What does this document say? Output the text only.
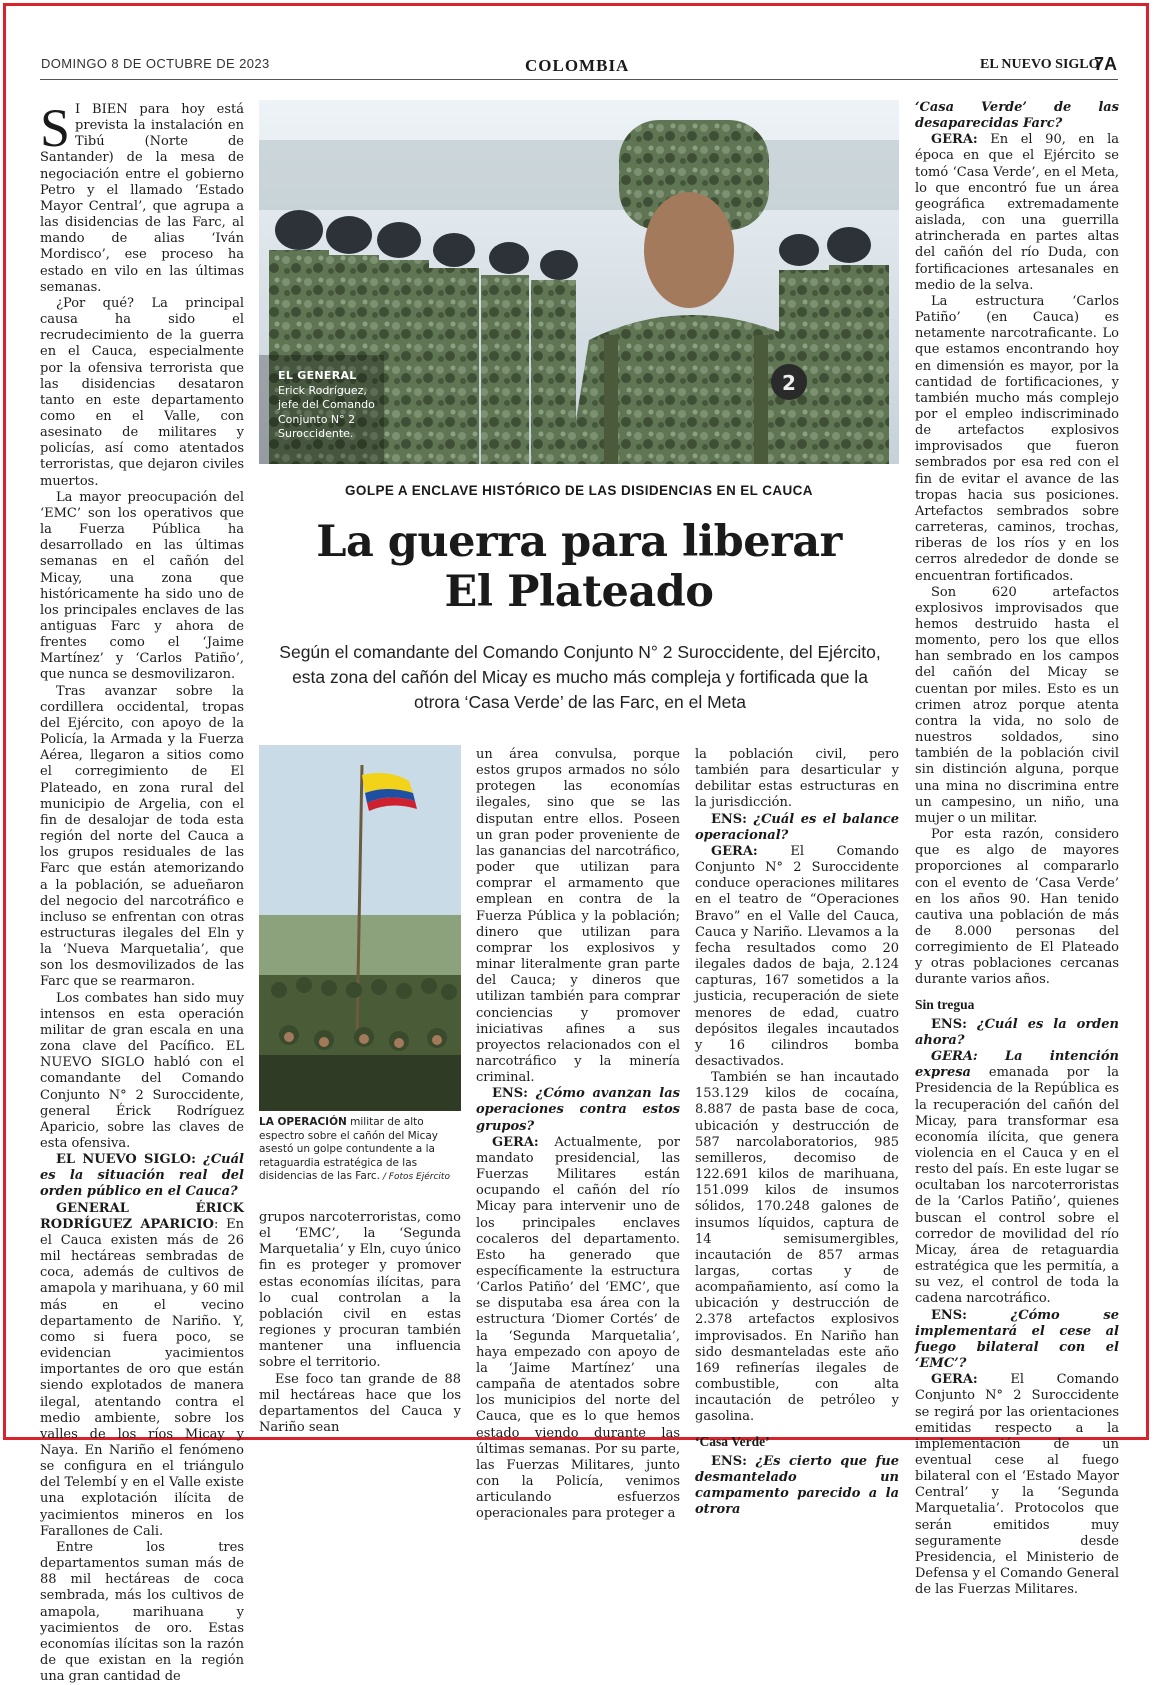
DOMINGO 8 DE OCTUBRE DE 2023	COLOMBIA	EL NUEVO SIGLO
7A

S I BIEN para hoy está prevista la instalación en Tibú (Norte de Santander) de la mesa de negociación entre el gobierno Petro y el llamado ‘Estado Mayor Central’, que agrupa a las disidencias de las Farc, al mando de alias ‘Iván Mordisco’, ese proceso ha estado en vilo en las últimas semanas.

¿Por qué? La principal causa ha sido el recrudecimiento de la guerra en el Cauca, especialmente por la ofensiva terrorista que las disidencias desataron tanto en este departamento como en el Valle, con asesinato de militares y policías, así como atentados terroristas, que dejaron civiles muertos.

La mayor preocupación del ‘EMC’ son los operativos que la Fuerza Pública ha desarrollado en las últimas semanas en el cañón del Micay, una zona que históricamente ha sido uno de los principales enclaves de las antiguas Farc y ahora de frentes como el ‘Jaime Martínez’ y ‘Carlos Patiño’, que nunca se desmovilizaron.

Tras avanzar sobre la cordillera occidental, tropas del Ejército, con apoyo de la Policía, la Armada y la Fuerza Aérea, llegaron a sitios como el corregimiento de El Plateado, en zona rural del municipio de Argelia, con el fin de desalojar de toda esta región del norte del Cauca a los grupos residuales de las Farc que están atemorizando a la población, se adueñaron del negocio del narcotráfico e incluso se enfrentan con otras estructuras ilegales del Eln y la ‘Nueva Marquetalia’, que son los desmovilizados de las Farc que se rearmaron.

Los combates han sido muy intensos en esta operación militar de gran escala en una zona clave del Pacífico. EL NUEVO SIGLO habló con el comandante del Comando Conjunto N° 2 Suroccidente, general Érick Rodríguez Aparicio, sobre las claves de esta ofensiva.

EL NUEVO SIGLO: ¿Cuál es la situación real del orden público en el Cauca?

GENERAL ÉRICK RODRÍGUEZ APARICIO: En el Cauca existen más de 26 mil hectáreas sembradas de coca, además de cultivos de amapola y marihuana, y 60 mil más en el vecino departamento de Nariño. Y, como si fuera poco, se evidencian yacimientos importantes de oro que están siendo explotados de manera ilegal, atentando contra el medio ambiente, sobre los valles de los ríos Micay y Naya. En Nariño el fenómeno se configura en el triángulo del Telembí y en el Valle existe una explotación ilícita de yacimientos mineros en los Farallones de Cali.

Entre los tres departamentos suman más de 88 mil hectáreas de coca sembrada, más los cultivos de amapola, marihuana y yacimientos de oro. Estas economías ilícitas son la razón de que existan en la región una gran cantidad de

2
EL GENERAL
Erick Rodríguez, jefe del Comando Conjunto N° 2 Suroccidente.
GOLPE A ENCLAVE HISTÓRICO DE LAS DISIDENCIAS EN EL CAUCA
La guerra para liberar
El Plateado
Según el comandante del Comando Conjunto N° 2 Suroccidente, del Ejército, esta zona del cañón del Micay es mucho más compleja y fortificada que la otrora ‘Casa Verde’ de las Farc, en el Meta
LA OPERACIÓN militar de alto espectro sobre el cañón del Micay asestó un golpe contundente a la retaguardia estratégica de las disidencias de las Farc. / Fotos Ejército

grupos narcoterroristas, como el ‘EMC’, la ‘Segunda Marquetalia’ y Eln, cuyo único fin es proteger y promover estas economías ilícitas, para lo cual controlan a la población civil en estas regiones y procuran también mantener una influencia sobre el territorio.

Ese foco tan grande de 88 mil hectáreas hace que los departamentos del Cauca y Nariño sean

un área convulsa, porque estos grupos armados no sólo protegen las economías ilegales, sino que se las disputan entre ellos. Poseen un gran poder proveniente de las ganancias del narcotráfico, poder que utilizan para comprar el armamento que emplean en contra de la Fuerza Pública y la población; dinero que utilizan para comprar los explosivos y minar literalmente gran parte del Cauca; y dineros que utilizan también para comprar conciencias y promover iniciativas afines a sus proyectos relacionados con el narcotráfico y la minería criminal.

ENS: ¿Cómo avanzan las operaciones contra estos grupos?

GERA: Actualmente, por mandato presidencial, las Fuerzas Militares están ocupando el cañón del río Micay para intervenir uno de los principales enclaves cocaleros del departamento. Esto ha generado que específicamente la estructura ‘Carlos Patiño’ del ‘EMC’, que se disputaba esa área con la estructura ‘Diomer Cortés’ de la ‘Segunda Marquetalia’, haya empezado con apoyo de la ‘Jaime Martínez’ una campaña de atentados sobre los municipios del norte del Cauca, que es lo que hemos estado viendo durante las últimas semanas. Por su parte, las Fuerzas Militares, junto con la Policía, venimos articulando esfuerzos operacionales para proteger a

la población civil, pero también para desarticular y debilitar estas estructuras en la jurisdicción.

ENS: ¿Cuál es el balance operacional?

GERA: El Comando Conjunto N° 2 Suroccidente conduce operaciones militares en el teatro de “Operaciones Bravo” en el Valle del Cauca, Cauca y Nariño. Llevamos a la fecha resultados como 20 ilegales dados de baja, 2.124 capturas, 167 sometidos a la justicia, recuperación de siete menores de edad, cuatro depósitos ilegales incautados y 16 cilindros bomba desactivados.

También se han incautado 153.129 kilos de cocaína, 8.887 de pasta base de coca, ubicación y destrucción de 587 narcolaboratorios, 985 semilleros, decomiso de 122.691 kilos de marihuana, 151.099 kilos de insumos sólidos, 170.248 galones de insumos líquidos, captura de 14 semisumergibles, incautación de 857 armas largas, cortas y de acompañamiento, así como la ubicación y destrucción de 2.378 artefactos explosivos improvisados. En Nariño han sido desmanteladas este año 169 refinerías ilegales de combustible, con alta incautación de petróleo y gasolina.

‘Casa Verde’

ENS: ¿Es cierto que fue desmantelado un campamento parecido a la otrora

‘Casa Verde’ de las desaparecidas Farc?

GERA: En el 90, en la época en que el Ejército se tomó ‘Casa Verde’, en el Meta, lo que encontró fue un área geográfica extremadamente aislada, con una guerrilla atrincherada en partes altas del cañón del río Duda, con fortificaciones artesanales en medio de la selva.

La estructura ‘Carlos Patiño’ (en Cauca) es netamente narcotraficante. Lo que estamos encontrando hoy en dimensión es mayor, por la cantidad de fortificaciones, y también mucho más complejo por el empleo indiscriminado de artefactos explosivos improvisados que fueron sembrados por esa red con el fin de evitar el avance de las tropas hacia sus posiciones. Artefactos sembrados sobre carreteras, caminos, trochas, riberas de los ríos y en los cerros alrededor de donde se encuentran fortificados.

Son 620 artefactos explosivos improvisados que hemos destruido hasta el momento, pero los que ellos han sembrado en los campos del cañón del Micay se cuentan por miles. Esto es un crimen atroz porque atenta contra la vida, no solo de nuestros soldados, sino también de la población civil sin distinción alguna, porque una mina no discrimina entre un campesino, un niño, una mujer o un militar.

Por esta razón, considero que es algo de mayores proporciones al compararlo con el evento de ‘Casa Verde’ en los años 90. Han tenido cautiva una población de más de 8.000 personas del corregimiento de El Plateado y otras poblaciones cercanas durante varios años.

Sin tregua

ENS: ¿Cuál es la orden ahora?

GERA: La intención expresa emanada por la Presidencia de la República es la recuperación del cañón del Micay, para transformar esa economía ilícita, que genera violencia en el Cauca y en el resto del país. En este lugar se ocultaban los narcoterroristas de la ‘Carlos Patiño’, quienes buscan el control sobre el corredor de movilidad del río Micay, área de retaguardia estratégica que les permitía, a su vez, el control de toda la cadena narcotráfico.

ENS: ¿Cómo se implementará el cese al fuego bilateral con el ‘EMC’?

GERA: El Comando Conjunto N° 2 Suroccidente se regirá por las orientaciones emitidas respecto a la implementación de un eventual cese al fuego bilateral con el ‘Estado Mayor Central’ y la ‘Segunda Marquetalia’. Protocolos que serán emitidos muy seguramente desde Presidencia, el Ministerio de Defensa y el Comando General de las Fuerzas Militares.
